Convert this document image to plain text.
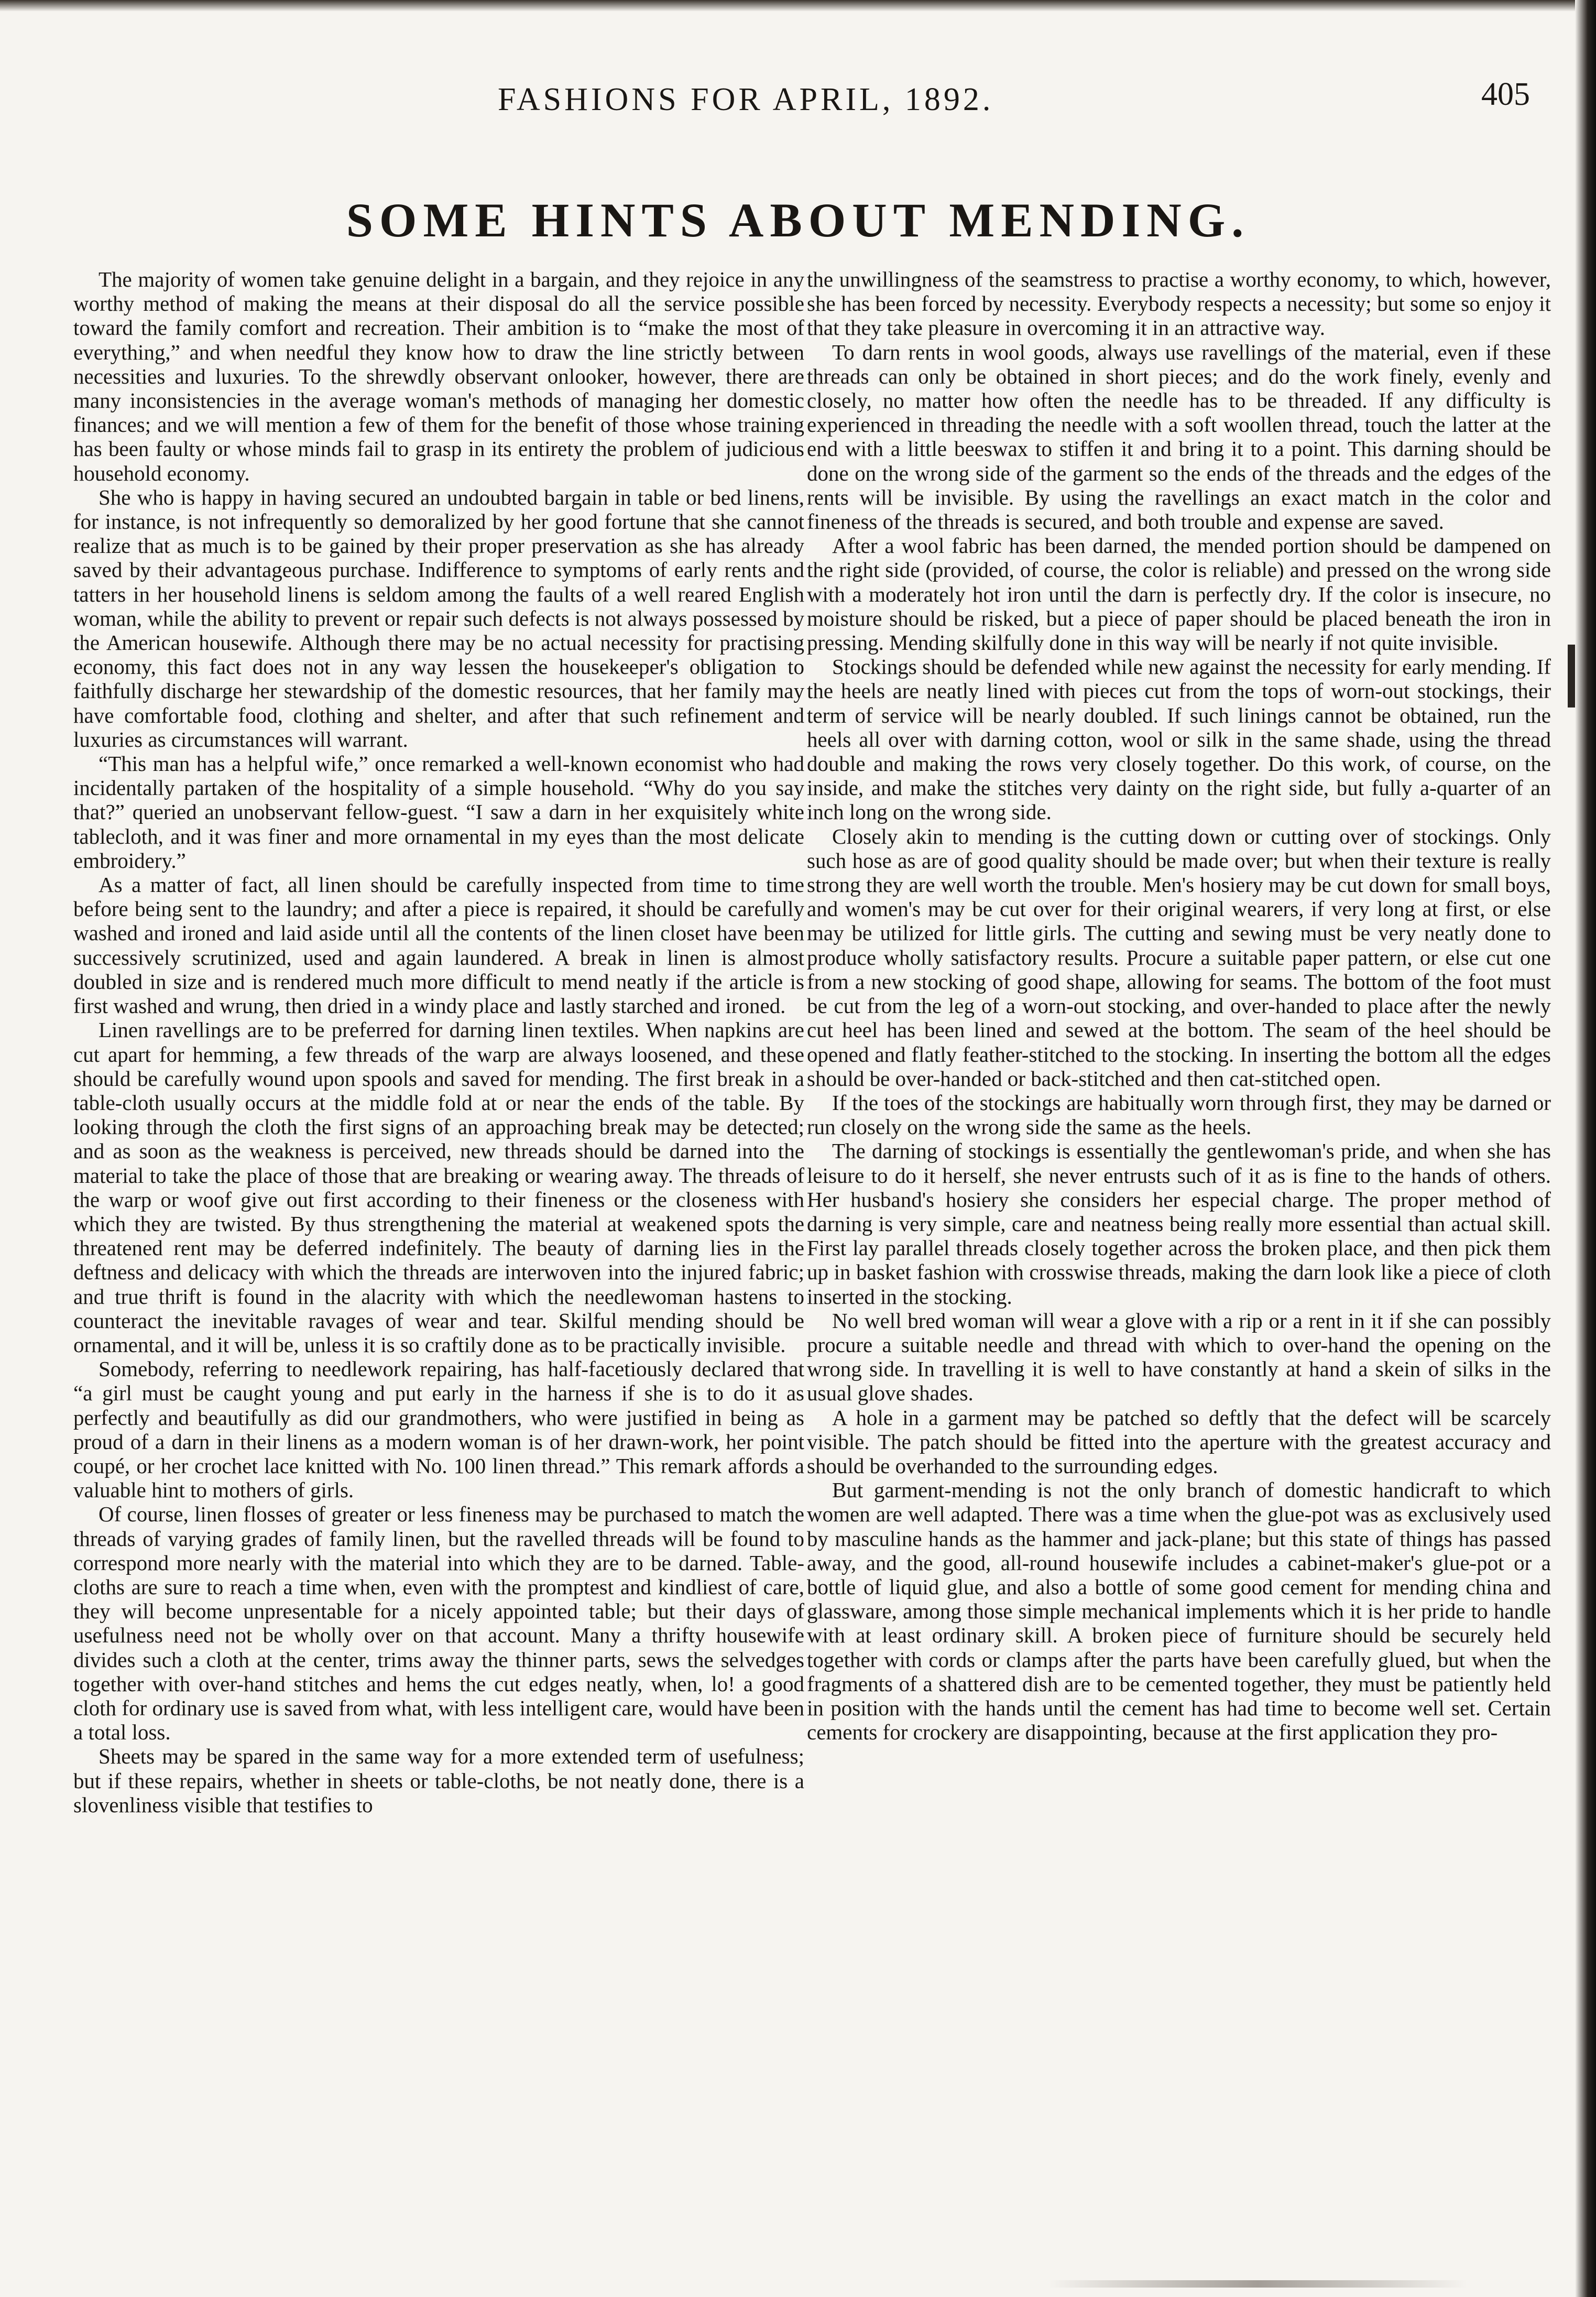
FASHIONS FOR APRIL, 1892.	405
SOME HINTS ABOUT MENDING.

The majority of women take genuine delight in a bargain, and they rejoice in any worthy method of making the means at their disposal do all the service possible toward the family comfort and recreation. Their ambition is to “make the most of everything,” and when needful they know how to draw the line strictly between necessities and luxuries. To the shrewdly observant onlooker, however, there are many inconsistencies in the average woman's methods of managing her domestic finances; and we will mention a few of them for the benefit of those whose training has been faulty or whose minds fail to grasp in its entirety the problem of judicious household economy.

She who is happy in having secured an undoubted bargain in table or bed linens, for instance, is not infrequently so demoralized by her good fortune that she cannot realize that as much is to be gained by their proper preservation as she has already saved by their advantageous purchase. Indifference to symptoms of early rents and tatters in her household linens is seldom among the faults of a well reared English woman, while the ability to prevent or repair such defects is not always possessed by the American housewife. Although there may be no actual necessity for practising economy, this fact does not in any way lessen the housekeeper's obligation to faithfully discharge her stewardship of the domestic resources, that her family may have comfortable food, clothing and shelter, and after that such refinement and luxuries as circumstances will warrant.

“This man has a helpful wife,” once remarked a well-known economist who had incidentally partaken of the hospitality of a simple household. “Why do you say that?” queried an unobservant fellow-guest. “I saw a darn in her exquisitely white tablecloth, and it was finer and more ornamental in my eyes than the most delicate embroidery.”

As a matter of fact, all linen should be carefully inspected from time to time before being sent to the laundry; and after a piece is repaired, it should be carefully washed and ironed and laid aside until all the contents of the linen closet have been successively scrutinized, used and again laundered. A break in linen is almost doubled in size and is rendered much more difficult to mend neatly if the article is first washed and wrung, then dried in a windy place and lastly starched and ironed.

Linen ravellings are to be preferred for darning linen textiles. When napkins are cut apart for hemming, a few threads of the warp are always loosened, and these should be carefully wound upon spools and saved for mending. The first break in a table-cloth usually occurs at the middle fold at or near the ends of the table. By looking through the cloth the first signs of an approaching break may be detected; and as soon as the weakness is perceived, new threads should be darned into the material to take the place of those that are breaking or wearing away. The threads of the warp or woof give out first according to their fineness or the closeness with which they are twisted. By thus strengthening the material at weakened spots the threatened rent may be deferred indefinitely. The beauty of darning lies in the deftness and delicacy with which the threads are interwoven into the injured fabric; and true thrift is found in the alacrity with which the needlewoman hastens to counteract the inevitable ravages of wear and tear. Skilful mending should be ornamental, and it will be, unless it is so craftily done as to be practically invisible.

Somebody, referring to needlework repairing, has half-facetiously declared that “a girl must be caught young and put early in the harness if she is to do it as perfectly and beautifully as did our grandmothers, who were justified in being as proud of a darn in their linens as a modern woman is of her drawn-work, her point coupé, or her crochet lace knitted with No. 100 linen thread.” This remark affords a valuable hint to mothers of girls.

Of course, linen flosses of greater or less fineness may be purchased to match the threads of varying grades of family linen, but the ravelled threads will be found to correspond more nearly with the material into which they are to be darned. Table-cloths are sure to reach a time when, even with the promptest and kindliest of care, they will become unpresentable for a nicely appointed table; but their days of usefulness need not be wholly over on that account. Many a thrifty housewife divides such a cloth at the center, trims away the thinner parts, sews the selvedges together with over-hand stitches and hems the cut edges neatly, when, lo! a good cloth for ordinary use is saved from what, with less intelligent care, would have been a total loss.

Sheets may be spared in the same way for a more extended term of usefulness; but if these repairs, whether in sheets or table-cloths, be not neatly done, there is a slovenliness visible that testifies to

the unwillingness of the seamstress to practise a worthy economy, to which, however, she has been forced by necessity. Everybody respects a necessity; but some so enjoy it that they take pleasure in overcoming it in an attractive way.

To darn rents in wool goods, always use ravellings of the material, even if these threads can only be obtained in short pieces; and do the work finely, evenly and closely, no matter how often the needle has to be threaded. If any difficulty is experienced in threading the needle with a soft woollen thread, touch the latter at the end with a little beeswax to stiffen it and bring it to a point. This darning should be done on the wrong side of the garment so the ends of the threads and the edges of the rents will be invisible. By using the ravellings an exact match in the color and fineness of the threads is secured, and both trouble and expense are saved.

After a wool fabric has been darned, the mended portion should be dampened on the right side (provided, of course, the color is reliable) and pressed on the wrong side with a moderately hot iron until the darn is perfectly dry. If the color is insecure, no moisture should be risked, but a piece of paper should be placed beneath the iron in pressing. Mending skilfully done in this way will be nearly if not quite invisible.

Stockings should be defended while new against the necessity for early mending. If the heels are neatly lined with pieces cut from the tops of worn-out stockings, their term of service will be nearly doubled. If such linings cannot be obtained, run the heels all over with darning cotton, wool or silk in the same shade, using the thread double and making the rows very closely together. Do this work, of course, on the inside, and make the stitches very dainty on the right side, but fully a-quarter of an inch long on the wrong side.

Closely akin to mending is the cutting down or cutting over of stockings. Only such hose as are of good quality should be made over; but when their texture is really strong they are well worth the trouble. Men's hosiery may be cut down for small boys, and women's may be cut over for their original wearers, if very long at first, or else may be utilized for little girls. The cutting and sewing must be very neatly done to produce wholly satisfactory results. Procure a suitable paper pattern, or else cut one from a new stocking of good shape, allowing for seams. The bottom of the foot must be cut from the leg of a worn-out stocking, and over-handed to place after the newly cut heel has been lined and sewed at the bottom. The seam of the heel should be opened and flatly feather-stitched to the stocking. In inserting the bottom all the edges should be over-handed or back-stitched and then cat-stitched open.

If the toes of the stockings are habitually worn through first, they may be darned or run closely on the wrong side the same as the heels.

The darning of stockings is essentially the gentlewoman's pride, and when she has leisure to do it herself, she never entrusts such of it as is fine to the hands of others. Her husband's hosiery she considers her especial charge. The proper method of darning is very simple, care and neatness being really more essential than actual skill. First lay parallel threads closely together across the broken place, and then pick them up in basket fashion with crosswise threads, making the darn look like a piece of cloth inserted in the stocking.

No well bred woman will wear a glove with a rip or a rent in it if she can possibly procure a suitable needle and thread with which to over-hand the opening on the wrong side. In travelling it is well to have constantly at hand a skein of silks in the usual glove shades.

A hole in a garment may be patched so deftly that the defect will be scarcely visible. The patch should be fitted into the aperture with the greatest accuracy and should be overhanded to the surrounding edges.

But garment-mending is not the only branch of domestic handicraft to which women are well adapted. There was a time when the glue-pot was as exclusively used by masculine hands as the hammer and jack-plane; but this state of things has passed away, and the good, all-round housewife includes a cabinet-maker's glue-pot or a bottle of liquid glue, and also a bottle of some good cement for mending china and glassware, among those simple mechanical implements which it is her pride to handle with at least ordinary skill. A broken piece of furniture should be securely held together with cords or clamps after the parts have been carefully glued, but when the fragments of a shattered dish are to be cemented together, they must be patiently held in position with the hands until the cement has had time to become well set. Certain cements for crockery are disappointing, because at the first application they pro-
